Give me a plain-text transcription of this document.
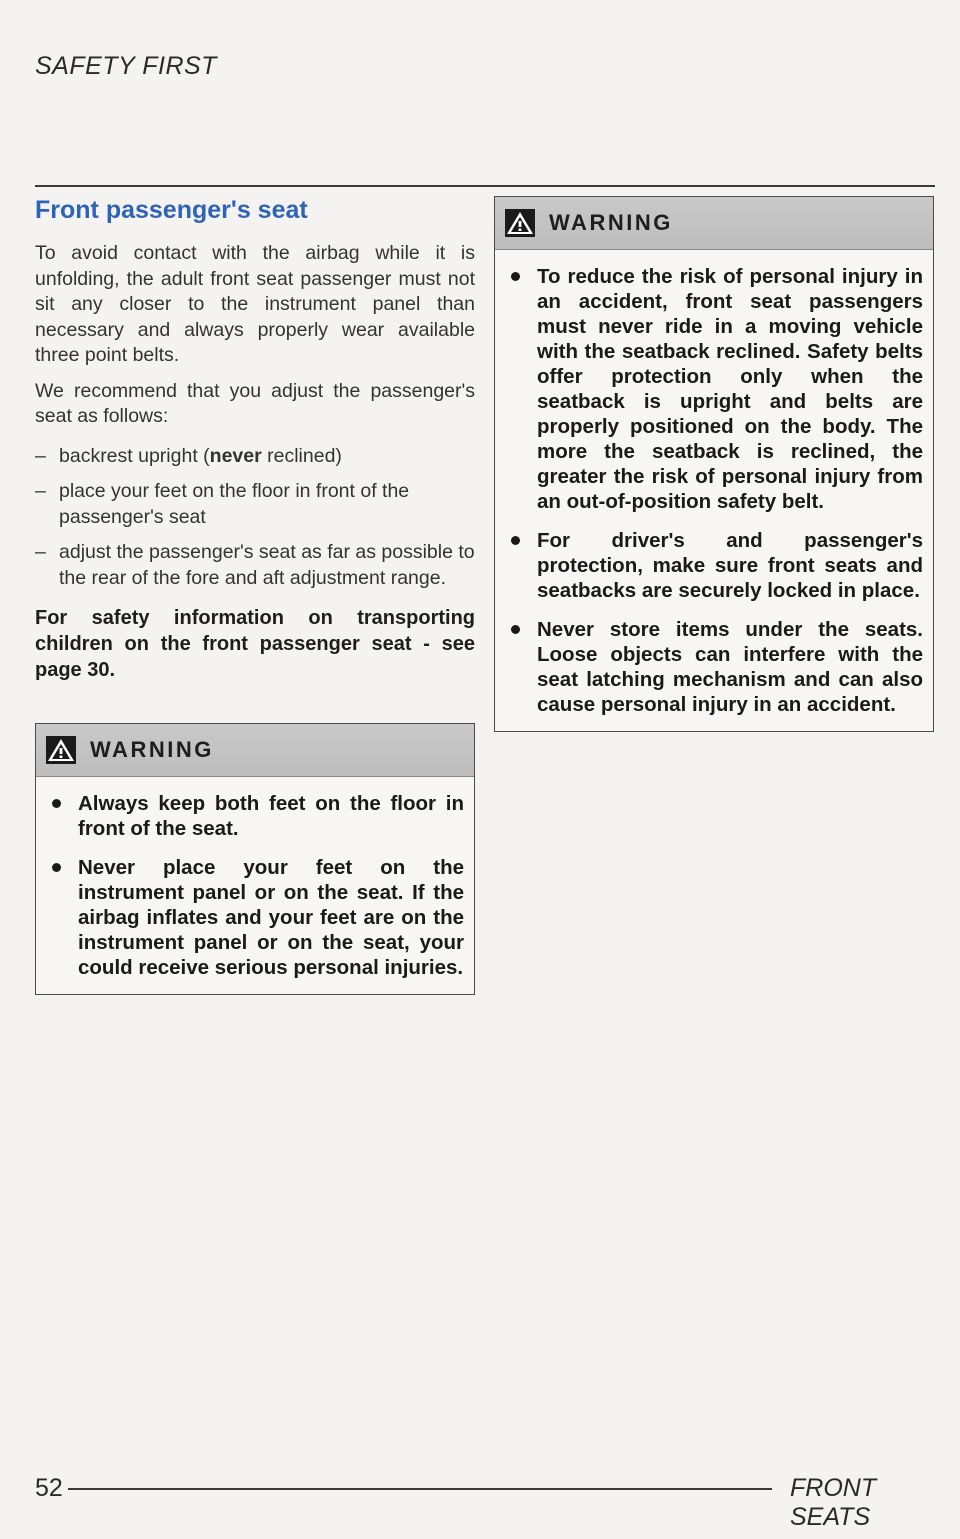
SAFETY FIRST
Front passenger's seat

To avoid contact with the airbag while it is unfolding, the adult front seat passenger must not sit any closer to the instrument panel than necessary and always properly wear available three point belts.

We recommend that you adjust the passenger's seat as follows:

– backrest upright (never reclined)
– place your feet on the floor in front of the passenger's seat
– adjust the passenger's seat as far as possible to the rear of the fore and aft adjustment range.

For safety information on transporting children on the front passenger seat - see page 30.

WARNING

Always keep both feet on the floor in front of the seat.

Never place your feet on the instrument panel or on the seat. If the airbag inflates and your feet are on the instrument panel or on the seat, your could receive serious personal injuries.

WARNING

To reduce the risk of personal injury in an accident, front seat passengers must never ride in a moving vehicle with the seatback reclined. Safety belts offer protection only when the seatback is upright and belts are properly positioned on the body. The more the seatback is reclined, the greater the risk of personal injury from an out-of-position safety belt.

For driver's and passenger's protection, make sure front seats and seatbacks are securely locked in place.

Never store items under the seats. Loose objects can interfere with the seat latching mechanism and can also cause personal injury in an accident.

52	FRONT SEATS
